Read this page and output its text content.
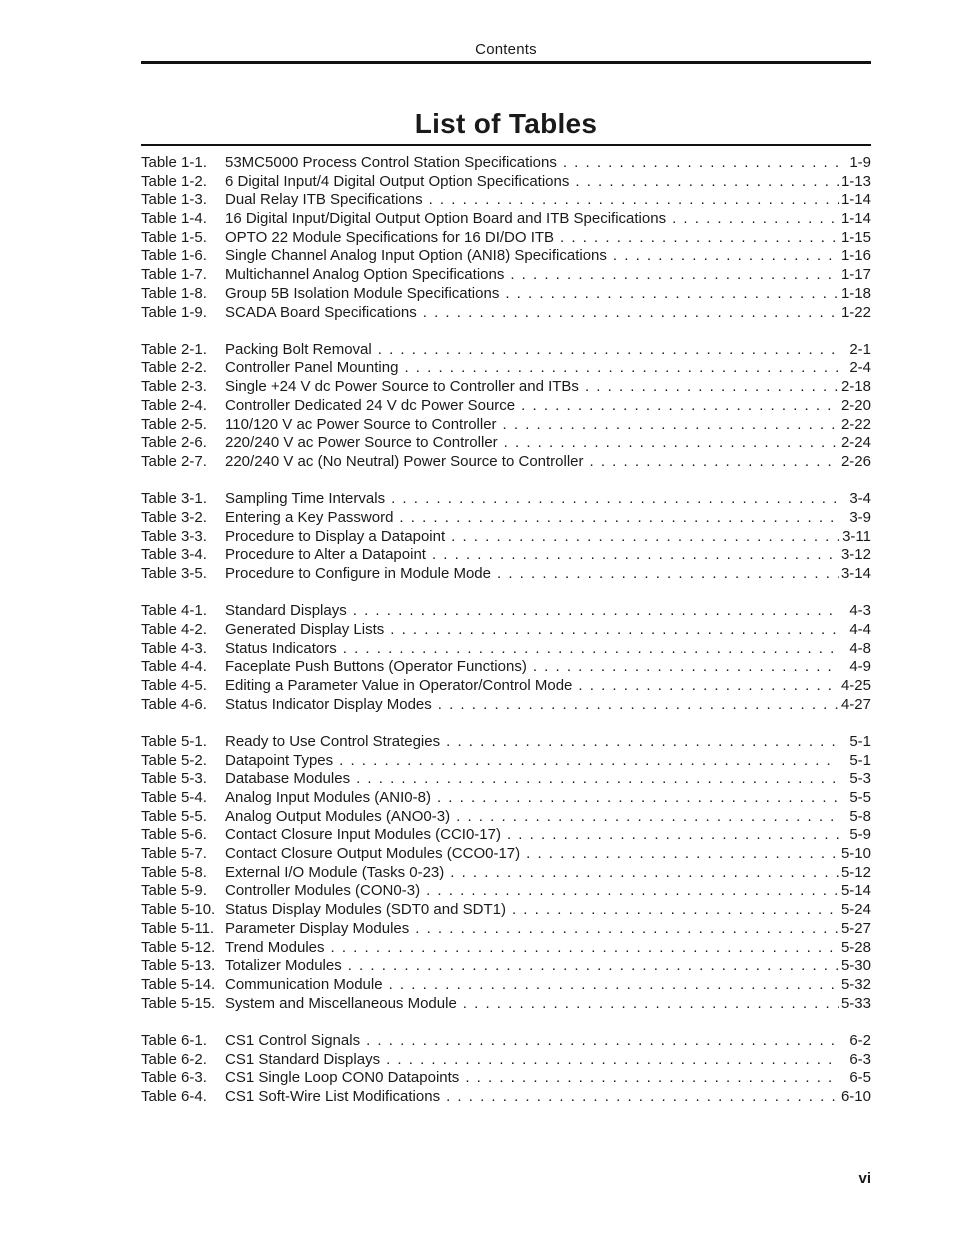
Contents
List of Tables
Table 1-1.	53MC5000 Process Control Station Specifications . . .	1-9
Table 1-2.	6 Digital Input/4 Digital Output Option Specifications . . .	1-13
Table 1-3.	Dual Relay ITB Specifications . . .	1-14
Table 1-4.	16 Digital Input/Digital Output Option Board and ITB Specifications . . .	1-14
Table 1-5.	OPTO 22 Module Specifications for 16 DI/DO ITB . . .	1-15
Table 1-6.	Single Channel Analog Input Option (ANI8) Specifications . . .	1-16
Table 1-7.	Multichannel Analog Option Specifications . . .	1-17
Table 1-8.	Group 5B Isolation Module Specifications . . .	1-18
Table 1-9.	SCADA Board Specifications . . .	1-22
Table 2-1.	Packing Bolt Removal . . .	2-1
Table 2-2.	Controller Panel Mounting . . .	2-4
Table 2-3.	Single +24 V dc Power Source to Controller and ITBs . . .	2-18
Table 2-4.	Controller Dedicated 24 V dc Power Source . . .	2-20
Table 2-5.	110/120 V ac Power Source to Controller . . .	2-22
Table 2-6.	220/240 V ac Power Source to Controller . . .	2-24
Table 2-7.	220/240 V ac (No Neutral) Power Source to Controller . . .	2-26
Table 3-1.	Sampling Time Intervals . . .	3-4
Table 3-2.	Entering a Key Password . . .	3-9
Table 3-3.	Procedure to Display a Datapoint . . .	3-11
Table 3-4.	Procedure to Alter a Datapoint . . .	3-12
Table 3-5.	Procedure to Configure in Module Mode . . .	3-14
Table 4-1.	Standard Displays . . .	4-3
Table 4-2.	Generated Display Lists . . .	4-4
Table 4-3.	Status Indicators . . .	4-8
Table 4-4.	Faceplate Push Buttons (Operator Functions) . . .	4-9
Table 4-5.	Editing a Parameter Value in Operator/Control Mode . . .	4-25
Table 4-6.	Status Indicator Display Modes . . .	4-27
Table 5-1.	Ready to Use Control Strategies . . .	5-1
Table 5-2.	Datapoint Types . . .	5-1
Table 5-3.	Database Modules . . .	5-3
Table 5-4.	Analog Input Modules (ANI0-8) . . .	5-5
Table 5-5.	Analog Output Modules (ANO0-3) . . .	5-8
Table 5-6.	Contact Closure Input Modules (CCI0-17) . . .	5-9
Table 5-7.	Contact Closure Output Modules (CCO0-17) . . .	5-10
Table 5-8.	External I/O Module (Tasks 0-23) . . .	5-12
Table 5-9.	Controller Modules (CON0-3) . . .	5-14
Table 5-10. Status Display Modules (SDT0 and SDT1) . . .	5-24
Table 5-11. Parameter Display Modules . . .	5-27
Table 5-12. Trend Modules . . .	5-28
Table 5-13. Totalizer Modules . . .	5-30
Table 5-14. Communication Module . . .	5-32
Table 5-15. System and Miscellaneous Module . . .	5-33
Table 6-1.	CS1 Control Signals . . .	6-2
Table 6-2.	CS1 Standard Displays . . .	6-3
Table 6-3.	CS1 Single Loop CON0 Datapoints . . .	6-5
Table 6-4.	CS1 Soft-Wire List Modifications . . .	6-10
vi
